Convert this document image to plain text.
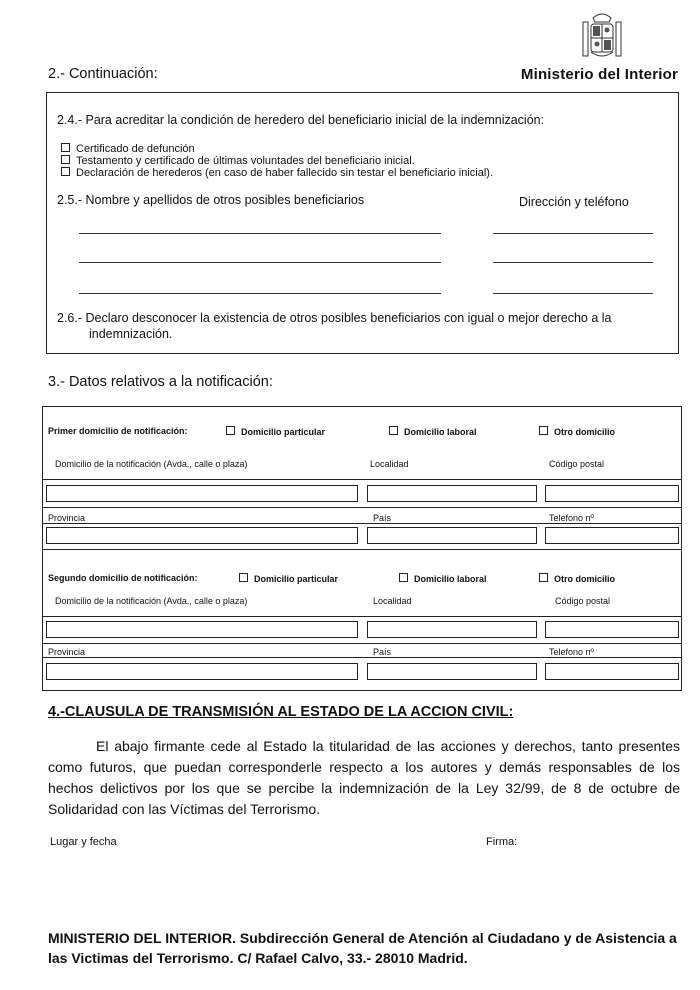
2.- Continuación:	Ministerio del Interior
2.4.- Para acreditar la condición de heredero del beneficiario inicial de la indemnización:
Certificado de defunción
Testamento y certificado de últimas voluntades del beneficiario inicial.
Declaración de herederos (en caso de haber fallecido sin testar el beneficiario inicial).
2.5.- Nombre y apellidos de otros posibles beneficiarios	Dirección y teléfono
2.6.- Declaro desconocer la existencia de otros posibles beneficiarios con igual o mejor derecho a la
indemnización.
3.- Datos relativos a la notificación:
Primer domicilio de notificación:	Domicilio particular	Domicilio laboral	Otro domicilio
Domicilio de la notificación (Avda., calle o plaza)	Localidad	Código postal
Provincia	País	Telefono nº
Segundo domicilio de notificación:	Domicilio particular	Domicilio laboral	Otro domicilio
Domicilio de la notificación (Avda., calle o plaza)	Localidad	Código postal
Provincia	País	Telefono nº
4.-CLAUSULA DE TRANSMISIÓN AL ESTADO DE LA ACCION CIVIL:
El abajo firmante cede al Estado la titularidad de las acciones y derechos, tanto presentes como futuros, que puedan corresponderle respecto a los autores y demás responsables de los hechos delictivos por los que se percibe la indemnización de la Ley 32/99, de 8 de octubre de Solidaridad con las Víctimas del Terrorismo.
Lugar y fecha	Firma:
MINISTERIO DEL INTERIOR. Subdirección General de Atención al Ciudadano y de Asistencia a las Victimas del Terrorismo. C/ Rafael Calvo, 33.- 28010 Madrid.
